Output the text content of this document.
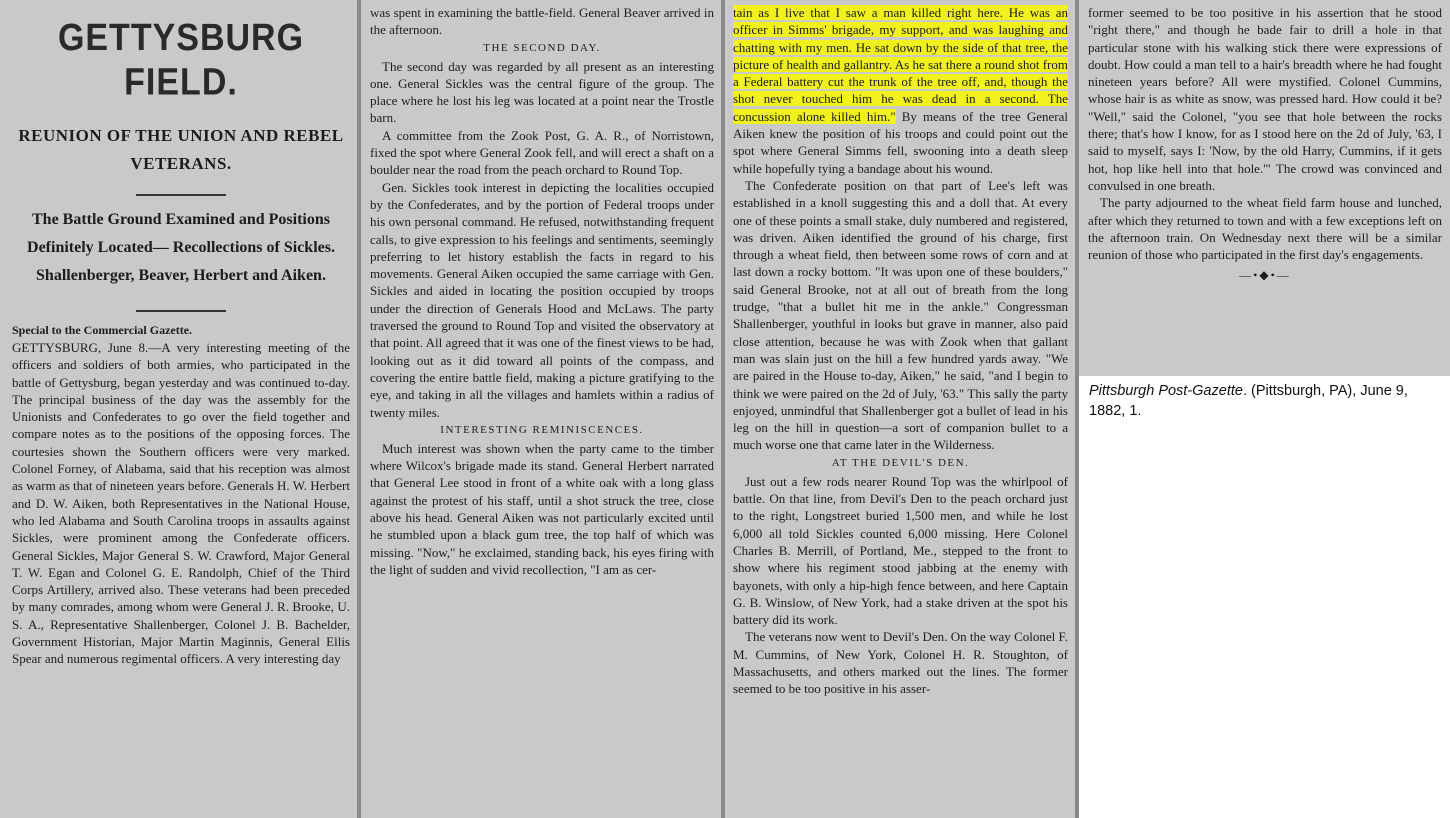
GETTYSBURG FIELD.
REUNION OF THE UNION AND REBEL VETERANS.
The Battle Ground Examined and Positions Definitely Located— Recollections of Sickles. Shallenberger, Beaver, Herbert and Aiken.
Special to the Commercial Gazette.

GETTYSBURG, June 8.—A very interesting meeting of the officers and soldiers of both armies, who participated in the battle of Gettysburg, began yesterday and was continued to-day. The principal business of the day was the assembly for the Unionists and Confederates to go over the field together and compare notes as to the positions of the opposing forces. The courtesies shown the Southern officers were very marked. Colonel Forney, of Alabama, said that his reception was almost as warm as that of nineteen years before. Generals H. W. Herbert and D. W. Aiken, both Representatives in the National House, who led Alabama and South Carolina troops in assaults against Sickles, were prominent among the Confederate officers. General Sickles, Major General S. W. Crawford, Major General T. W. Egan and Colonel G. E. Randolph, Chief of the Third Corps Artillery, arrived also. These veterans had been preceded by many comrades, among whom were General J. R. Brooke, U. S. A., Representative Shallenberger, Colonel J. B. Bachelder, Government Historian, Major Martin Maginnis, General Ellis Spear and numerous regimental officers. A very interesting day

was spent in examining the battle-field. General Beaver arrived in the afternoon.

THE SECOND DAY.

The second day was regarded by all present as an interesting one. General Sickles was the central figure of the group. The place where he lost his leg was located at a point near the Trostle barn.

A committee from the Zook Post, G. A. R., of Norristown, fixed the spot where General Zook fell, and will erect a shaft on a boulder near the road from the peach orchard to Round Top.

Gen. Sickles took interest in depicting the localities occupied by the Confederates, and by the portion of Federal troops under his own personal command. He refused, notwithstanding frequent calls, to give expression to his feelings and sentiments, seemingly preferring to let history establish the facts in regard to his movements. General Aiken occupied the same carriage with Gen. Sickles and aided in locating the position occupied by troops under the direction of Generals Hood and McLaws. The party traversed the ground to Round Top and visited the observatory at that point. All agreed that it was one of the finest views to be had, looking out as it did toward all points of the compass, and covering the entire battle field, making a picture gratifying to the eye, and taking in all the villages and hamlets within a radius of twenty miles.

INTERESTING REMINISCENCES.

Much interest was shown when the party came to the timber where Wilcox's brigade made its stand. General Herbert narrated that General Lee stood in front of a white oak with a long glass against the protest of his staff, until a shot struck the tree, close above his head. General Aiken was not particularly excited until he stumbled upon a black gum tree, the top half of which was missing. "Now," he exclaimed, standing back, his eyes firing with the light of sudden and vivid recollection, "I am as cer-

tain as I live that I saw a man killed right here. He was an officer in Simms' brigade, my support, and was laughing and chatting with my men. He sat down by the side of that tree, the picture of health and gallantry. As he sat there a round shot from a Federal battery cut the trunk of the tree off, and, though the shot never touched him he was dead in a second. The concussion alone killed him." By means of the tree General Aiken knew the position of his troops and could point out the spot where General Simms fell, swooning into a death sleep while hopefully tying a bandage about his wound.

The Confederate position on that part of Lee's left was established in a knoll suggesting this and a doll that. At every one of these points a small stake, duly numbered and registered, was driven. Aiken identified the ground of his charge, first through a wheat field, then between some rows of corn and at last down a rocky bottom. "It was upon one of these boulders," said General Brooke, not at all out of breath from the long trudge, "that a bullet hit me in the ankle." Congressman Shallenberger, youthful in looks but grave in manner, also paid close attention, because he was with Zook when that gallant man was slain just on the hill a few hundred yards away. "We are paired in the House to-day, Aiken," he said, "and I begin to think we were paired on the 2d of July, '63." This sally the party enjoyed, unmindful that Shallenberger got a bullet of lead in his leg on the hill in question—a sort of companion bullet to a much worse one that came later in the Wilderness.

AT THE DEVIL'S DEN.

Just out a few rods nearer Round Top was the whirlpool of battle. On that line, from Devil's Den to the peach orchard just to the right, Longstreet buried 1,500 men, and while he lost 6,000 all told Sickles counted 6,000 missing. Here Colonel Charles B. Merrill, of Portland, Me., stepped to the front to show where his regiment stood jabbing at the enemy with bayonets, with only a hip-high fence between, and here Captain G. B. Winslow, of New York, had a stake driven at the spot his battery did its work.

The veterans now went to Devil's Den. On the way Colonel F. M. Cummins, of New York, Colonel H. R. Stoughton, of Massachusetts, and others marked out the lines. The former seemed to be too positive in his asser-

former seemed to be too positive in his assertion that he stood "right there," and though he bade fair to drill a hole in that particular stone with his walking stick there were expressions of doubt. How could a man tell to a hair's breadth where he had fought nineteen years before? All were mystified. Colonel Cummins, whose hair is as white as snow, was pressed hard. How could it be? "Well," said the Colonel, "you see that hole between the rocks there; that's how I know, for as I stood here on the 2d of July, '63, I said to myself, says I: 'Now, by the old Harry, Cummins, if it gets hot, hop like hell into that hole.'" The crowd was convinced and convulsed in one breath.

The party adjourned to the wheat field farm house and lunched, after which they returned to town and with a few exceptions left on the afternoon train. On Wednesday next there will be a similar reunion of those who participated in the first day's engagements.

—•◆•—
Pittsburgh Post-Gazette. (Pittsburgh, PA), June 9, 1882, 1.
